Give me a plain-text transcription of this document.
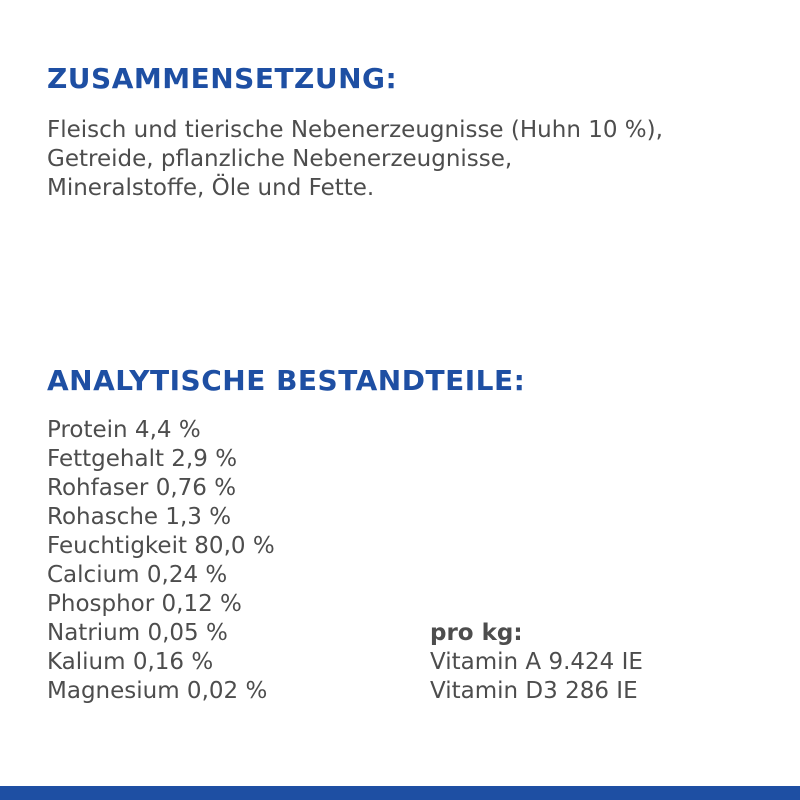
ZUSAMMENSETZUNG:
Fleisch und tierische Nebenerzeugnisse (Huhn 10 %),
Getreide, pflanzliche Nebenerzeugnisse,
Mineralstoffe, Öle und Fette.
ANALYTISCHE BESTANDTEILE:
Protein 4,4 %
Fettgehalt 2,9 %
Rohfaser 0,76 %
Rohasche 1,3 %
Feuchtigkeit 80,0 %
Calcium 0,24 %
Phosphor 0,12 %
Natrium 0,05 %
Kalium 0,16 %
Magnesium 0,02 %
pro kg:
Vitamin A 9.424 IE
Vitamin D3 286 IE
